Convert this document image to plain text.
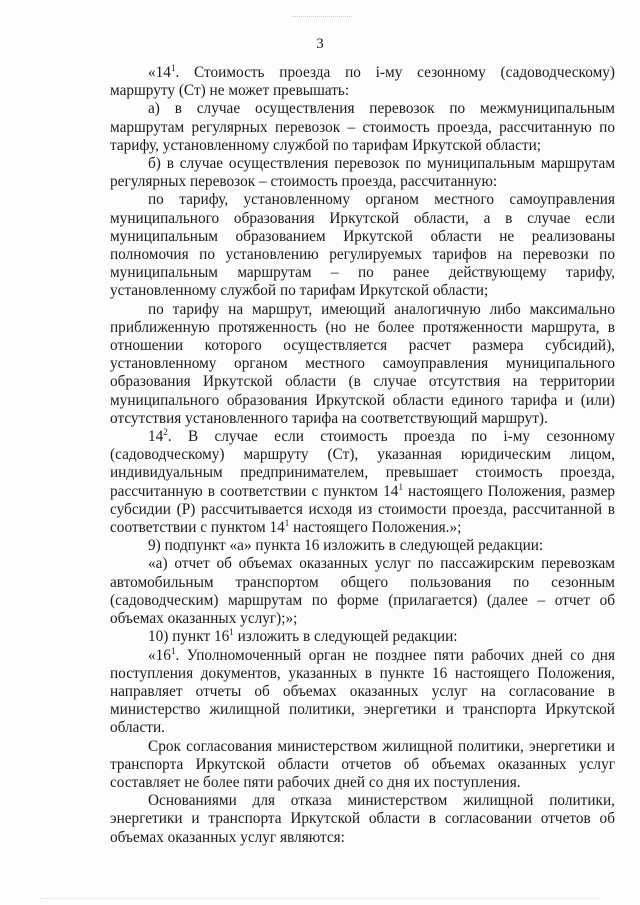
3

«$14^1$. Стоимость проезда по i-му сезонному (садоводческому) маршруту (Ст) не может превышать:

а) в случае осуществления перевозок по межмуниципальным маршрутам регулярных перевозок – стоимость проезда, рассчитанную по тарифу, установленному службой по тарифам Иркутской области;

б) в случае осуществления перевозок по муниципальным маршрутам регулярных перевозок – стоимость проезда, рассчитанную:

по тарифу, установленному органом местного самоуправления муниципального образования Иркутской области, а в случае если муниципальным образованием Иркутской области не реализованы полномочия по установлению регулируемых тарифов на перевозки по муниципальным маршрутам – по ранее действующему тарифу, установленному службой по тарифам Иркутской области;

по тарифу на маршрут, имеющий аналогичную либо максимально приближенную протяженность (но не более протяженности маршрута, в отношении которого осуществляется расчет размера субсидий), установленному органом местного самоуправления муниципального образования Иркутской области (в случае отсутствия на территории муниципального образования Иркутской области единого тарифа и (или) отсутствия установленного тарифа на соответствующий маршрут).

$14^2$. В случае если стоимость проезда по i-му сезонному (садоводческому) маршруту (Ст), указанная юридическим лицом, индивидуальным предпринимателем, превышает стоимость проезда, рассчитанную в соответствии с пунктом $14^1$ настоящего Положения, размер субсидии (Р) рассчитывается исходя из стоимости проезда, рассчитанной в соответствии с пунктом $14^1$ настоящего Положения.»;

9) подпункт «а» пункта 16 изложить в следующей редакции:

«а) отчет об объемах оказанных услуг по пассажирским перевозкам автомобильным транспортом общего пользования по сезонным (садоводческим) маршрутам по форме (прилагается) (далее – отчет об объемах оказанных услуг);»;

10) пункт $16^1$ изложить в следующей редакции:

«$16^1$. Уполномоченный орган не позднее пяти рабочих дней со дня поступления документов, указанных в пункте 16 настоящего Положения, направляет отчеты об объемах оказанных услуг на согласование в министерство жилищной политики, энергетики и транспорта Иркутской области.

Срок согласования министерством жилищной политики, энергетики и транспорта Иркутской области отчетов об объемах оказанных услуг составляет не более пяти рабочих дней со дня их поступления.

Основаниями для отказа министерством жилищной политики, энергетики и транспорта Иркутской области в согласовании отчетов об объемах оказанных услуг являются:
